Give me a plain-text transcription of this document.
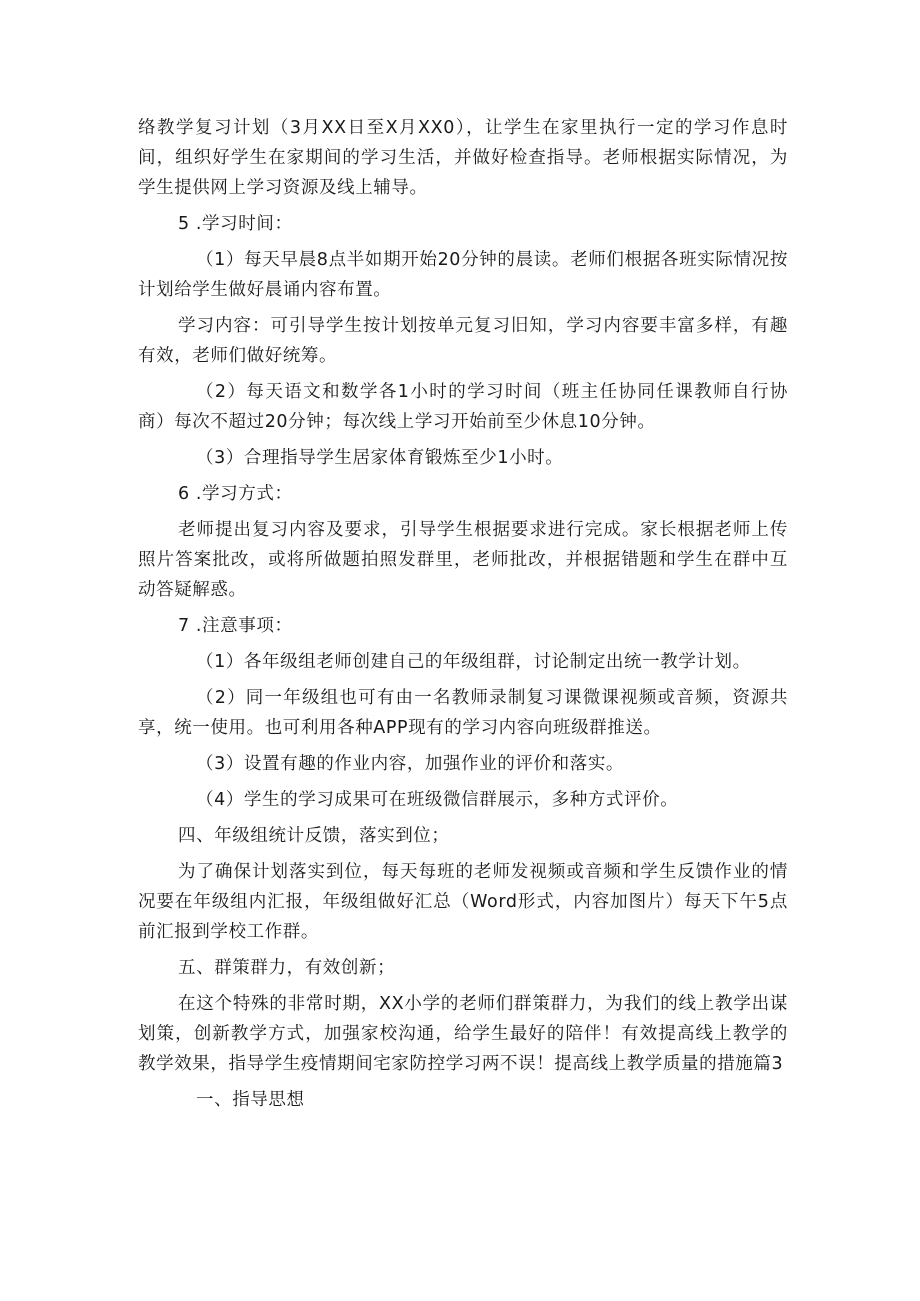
络教学复习计划（3月XX日至X月XX0），让学生在家里执行一定的学习作息时间，组织好学生在家期间的学习生活，并做好检查指导。老师根据实际情况，为学生提供网上学习资源及线上辅导。

5 .学习时间：

（1）每天早晨8点半如期开始20分钟的晨读。老师们根据各班实际情况按计划给学生做好晨诵内容布置。

学习内容：可引导学生按计划按单元复习旧知，学习内容要丰富多样，有趣有效，老师们做好统筹。

（2）每天语文和数学各1小时的学习时间（班主任协同任课教师自行协商）每次不超过20分钟；每次线上学习开始前至少休息10分钟。

（3）合理指导学生居家体育锻炼至少1小时。

6 .学习方式：

老师提出复习内容及要求，引导学生根据要求进行完成。家长根据老师上传照片答案批改，或将所做题拍照发群里，老师批改，并根据错题和学生在群中互动答疑解惑。

7 .注意事项：

（1）各年级组老师创建自己的年级组群，讨论制定出统一教学计划。

（2）同一年级组也可有由一名教师录制复习课微课视频或音频，资源共享，统一使用。也可利用各种APP现有的学习内容向班级群推送。

（3）设置有趣的作业内容，加强作业的评价和落实。

（4）学生的学习成果可在班级微信群展示，多种方式评价。

四、年级组统计反馈，落实到位；

为了确保计划落实到位，每天每班的老师发视频或音频和学生反馈作业的情况要在年级组内汇报，年级组做好汇总（Word形式，内容加图片）每天下午5点前汇报到学校工作群。

五、群策群力，有效创新；

在这个特殊的非常时期，XX小学的老师们群策群力，为我们的线上教学出谋划策，创新教学方式，加强家校沟通，给学生最好的陪伴！有效提高线上教学的教学效果，指导学生疫情期间宅家防控学习两不误！提高线上教学质量的措施篇3

一、指导思想
